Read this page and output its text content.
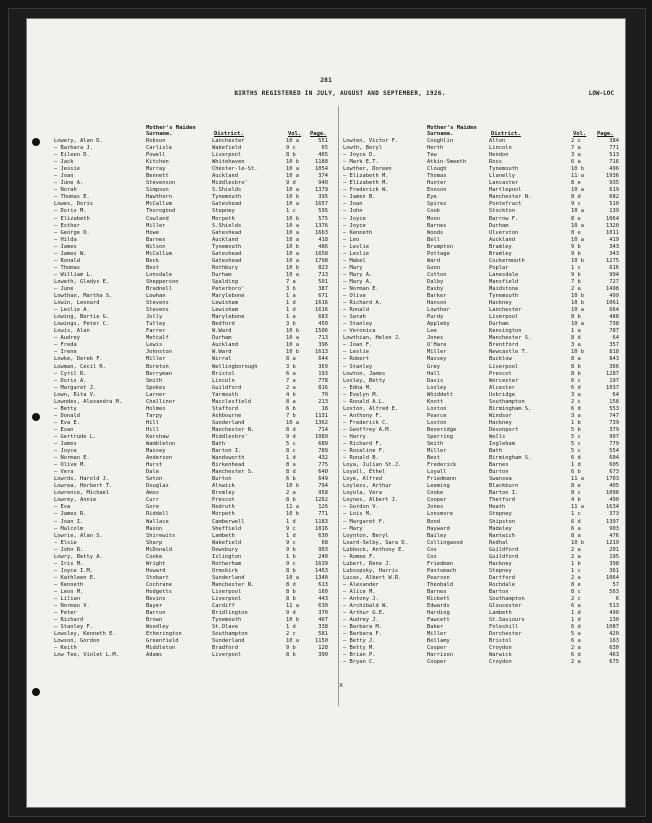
281
BIRTHS REGISTERED IN JULY, AUGUST AND SEPTEMBER, 1926.	LOW-LOC
Mother's Maiden Surname.	District.	Vol. Page.
Lowery, Alan D.	Robson	Lanchester	10 a	551
— Barbara J.	Carlisle	Wakefield	9 c	65
— Eileen D.	Powell	Liverpool	8 b	465
— Jack	Kitchen	Whitehaven	10 b	1188
— Jessie	Murray	Chester-le-St.	10 a	1054
— Joan	Bennett	Auckland	10 a	374
— June A.	Stevenson	Middlesbro'	9 d	940
— Norah	Simpson	S.Shields	10 a	1379
— Thomas E.	Hawthorn	Tynemouth	10 b	395
Lowes, Doris	McCallum	Gateshead	10 a	1657
— Doris M.	Thorogood	Stepney	1 c	595
— Elizabeth	Cowland	Morpeth	10 b	575
— Esther	Miller	S.Shields	10 a	1376
— George D.	Howe	Gateshead	10 a	1663
— Hilda	Barnes	Auckland	10 a	418
— James	Wilson	Tynemouth	10 b	486
— James W.	McCallum	Gateshead	10 a	1658
— Ronald	Beck	Gateshead	10 a	1798
— Thomas	Best	Rothbury	10 b	823
— William L.	Lonsdale	Durham	10 a	713
Loweth, Gladys E.	Shepperson	Spalding	7 a	501
— June	Bradnell	Peterboro'	3 b	387
Lowthan, Martha S.	Lowhan	Marylebone	1 a	671
Lowin, Leonard	Stevens	Lewisham	1 d	1616
— Leslie A.	Stevens	Lewisham	1 d	1616
Lowing, Bertie G.	Jolly	Marylebone	1 a	683
Lowings, Peter C.	Tutley	Bedford	3 b	450
Lowis, Alan	Farrer	W.Ward	10 b	1506
— Audrey	Metcalf	Durham	10 a	713
— Freda	Lewis	Auckland	10 a	396
— Irene	Johnston	W.Ward	10 b	1613
Lowke, Derek F.	Miller	Wirral	8 a	644
Lowman, Cecil R.	Boreton	Wellingborough	3 b	369
— Cyril R.	Berryman	Bristol	6 a	193
— Doris A.	Smith	Lincoln	7 a	778
— Margaret J.	Spokes	Guildford	2 a	816
Lown, Rita V.	Larner	Yarmouth	4 b	70
Lowndes, Alexandra M.	Challinor	Macclesfield	8 a	213
— Betty	Holmes	Stafford	6 b	18
— Donald	Tarpy	Ashbourne	7 b	1131
— Eva E.	Hill	Sunderland	10 a	1362
— Evan	Hill	Manchester N.	8 d	714
— Gertrude L.	Kershaw	Middlesbro'	9 d	1089
— James	Wambleton	Bath	5 c	689
— Joyce	Massey	Barton I.	8 c	789
— Norman E.	Anderson	Wandsworth	1 d	432
— Olive M.	Hurst	Birkenhead	8 a	775
— Vera	Dale	Manchester S.	8 d	640
Lowrds, Harold J.	Seton	Burton	6 b	649
Lowrea, Herbert T.	Douglas	Alnwick	10 b	794
Lowrence, Michael	Amos	Bromley	2 a	958
Lowrey, Annie	Curr	Prescot	8 b	1262
— Eva	Gore	Redruth	11 a	126
— James R.	Riddell	Morpeth	10 b	771
— Joan I.	Wallace	Camberwell	1 d	1183
— Malcolm	Mason	Sheffield	9 c	1016
Lowrie, Alan S.	Shirewits	Lambeth	1 d	630
— Elsie	Sharp	Wakefield	9 c	68
— John R.	McDonald	Dewsbury	9 b	903
Lowry, Betty A.	Cooke	Islington	1 b	240
— Iris M.	Wright	Rotherham	9 c	1639
— Joyce I.M.	Howard	Ormskirk	8 b	1463
— Kathleen E.	Stobart	Sunderland	10 a	1340
— Kenneth	Cochrane	Manchester N.	8 d	613
— Leon M.	Hodgetts	Liverpool	8 b	160
— Lilian	Bevins	Liverpool	8 b	443
— Norman V.	Bayer	Cardiff	11 a	630
— Peter	Barron	Bridlington	9 d	370
— Richard	Brown	Tynemouth	10 b	467
— Stanley F.	Woodley	St.Olave	1 d	338
Lowsley, Kenneth E.	Etherington	Southampton	2 c	581
Lowson, Gordon	Greenfield	Sunderland	10 a	1150
— Keith	Middleton	Bradford	9 b	128
Low Tee, Violet L.M.	Adams	Liverpool	8 b	390
Mother's Maiden Surname.	District.	Vol. Page.
Lowten, Victor F.	Coughlin	Alton	2 c	384
Lowth, Beryl	Herth	Lincoln	7 a	771
— Joyce D.	Tew	Hendon	3 a	513
— Mark E.T.	Atkin-Smeeth	Ross	6 a	716
Lowther, Doreen	Clough	Tynemouth	10 b	496
— Elizabeth M.	Thomas	Llanelly	11 a	1936
— Elizabeth M.	Hunter	Lancaster	8 e	935
— Frederick W.	Ennson	Hartlepool	10 a	619
— James B.	Eye	Manchester N.	8 d	682
— Joan	Spires	Pontefract	9 c	510
— John	Cook	Stockton	10 a	139
— Joyce	Moon	Barrow F.	8 e	1064
— Joyce	Barnes	Durham	10 a	1320
— Kenneth	Woods	Ulverston	8 e	1011
— Leo	Bell	Auckland	10 a	419
— Leslie	Brumpton	Bramley	9 b	343
— Leslie	Pottage	Bramley	9 b	343
— Mabel	Ward	Cockermouth	10 b	1275
— Mary	Gunn	Poplar	1 c	616
— Mary A.	Cotton	Lanesdale	9 b	994
— Mary A.	Dalby	Mansfield	7 b	727
— Norman E.	Easby	Maidstone	2 a	1498
— Olive	Barker	Tynemouth	10 b	499
— Richard A.	Hanson	Hackney	10 b	1061
— Ronald	Lowther	Lanchester	10 a	664
— Sarah	Purdy	Liverpool	8 b	488
— Stanley	Appleby	Durham	10 a	738
— Veronica	Lee	Kensington	1 a	787
Lowthian, Helen J.	Jones	Manchester S.	8 d	64
— Joan F.	O'Hare	Brentford	3 a	357
— Leslie	Miller	Newcastle T.	10 b	818
— Robert	Massey	Bucklow	8 a	843
— Stanley	Grey	Liverpool	8 b	366
Lowton, James	Hall	Prescot	8 b	1287
Loxley, Betty	Davis	Worcester	6 c	197
— Edna M.	Loxley	Alcester	6 d	1037
— Evelyn M.	Whiddett	Uxbridge	3 a	64
— Ronald A.L.	Knott	Southampton	2 c	158
Loxton, Alfred E.	Loxton	Birmingham S.	6 d	553
— Anthony F.	Pearce	Windsor	3 a	747
— Frederick C.	Loxton	Hackney	1 b	739
— Geoffrey A.M.	Beveridge	Devonport	5 b	379
— Harry	Sperring	Wells	5 c	907
— Richard F.	Smith	Ingleham	5 c	779
— Rosaline F.	Miller	Bath	5 c	554
— Ronald B.	Best	Birmingham S.	6 d	604
Loya, Julian St.J.	Frederick	Barnes	1 d	605
Loyall, Ethel	Loyall	Burton	6 b	673
Loye, Alfred	Friedmann	Swansea	11 a	1703
Loyless, Arthur	Leeming	Blackburn	8 e	405
Loyola, Vera	Cooke	Barton I.	8 c	1096
Loynes, Albert J.	Cooper	Thetford	4 b	490
— Gordon V.	Jones	Heath	11 a	1634
— Lois M.	Lonsmore	Stepney	1 c	373
— Margaret F.	Bond	Shipston	6 d	1397
— Mary	Hayward	Madeley	6 a	903
Loynton, Beryl	Bailey	Nantwich	8 a	476
Loard-Selby, Sara D.	Collingwood	Redhal	10 b	1219
Lubbock, Anthony E.	Cox	Guildford	2 a	201
— Romee F.	Cox	Guildford	2 a	195
Lubert, Rene J.	Friedman	Hackney	1 b	398
Lubsopsky, Harris	Pastomach	Stepney	1 c	361
Lucas, Albert W.R.	Pearson	Dartford	2 a	1064
— Alexander	Theobald	Rochdale	8 e	57
— Alice M.	Barnes	Barton	8 c	563
— Antony J.	Rickett	Southampton	2 c	6
— Archibald W.	Edwards	Gloucester	6 a	513
— Arthur G.E.	Harding	Lambeth	1 d	490
— Audrey J.	Fawcett	St.Saviours	1 d	130
— Barbara M.	Baker	Foleshill	6 d	1087
— Barbara F.	Miller	Dorchester	5 a	420
— Betty J.	Bellamy	Bristol	6 a	163
— Betty M.	Cooper	Croydon	2 a	630
— Brian P.	Harrison	Warwick	6 d	463
— Bryan C.	Cooper	Croydon	2 a	675
x
